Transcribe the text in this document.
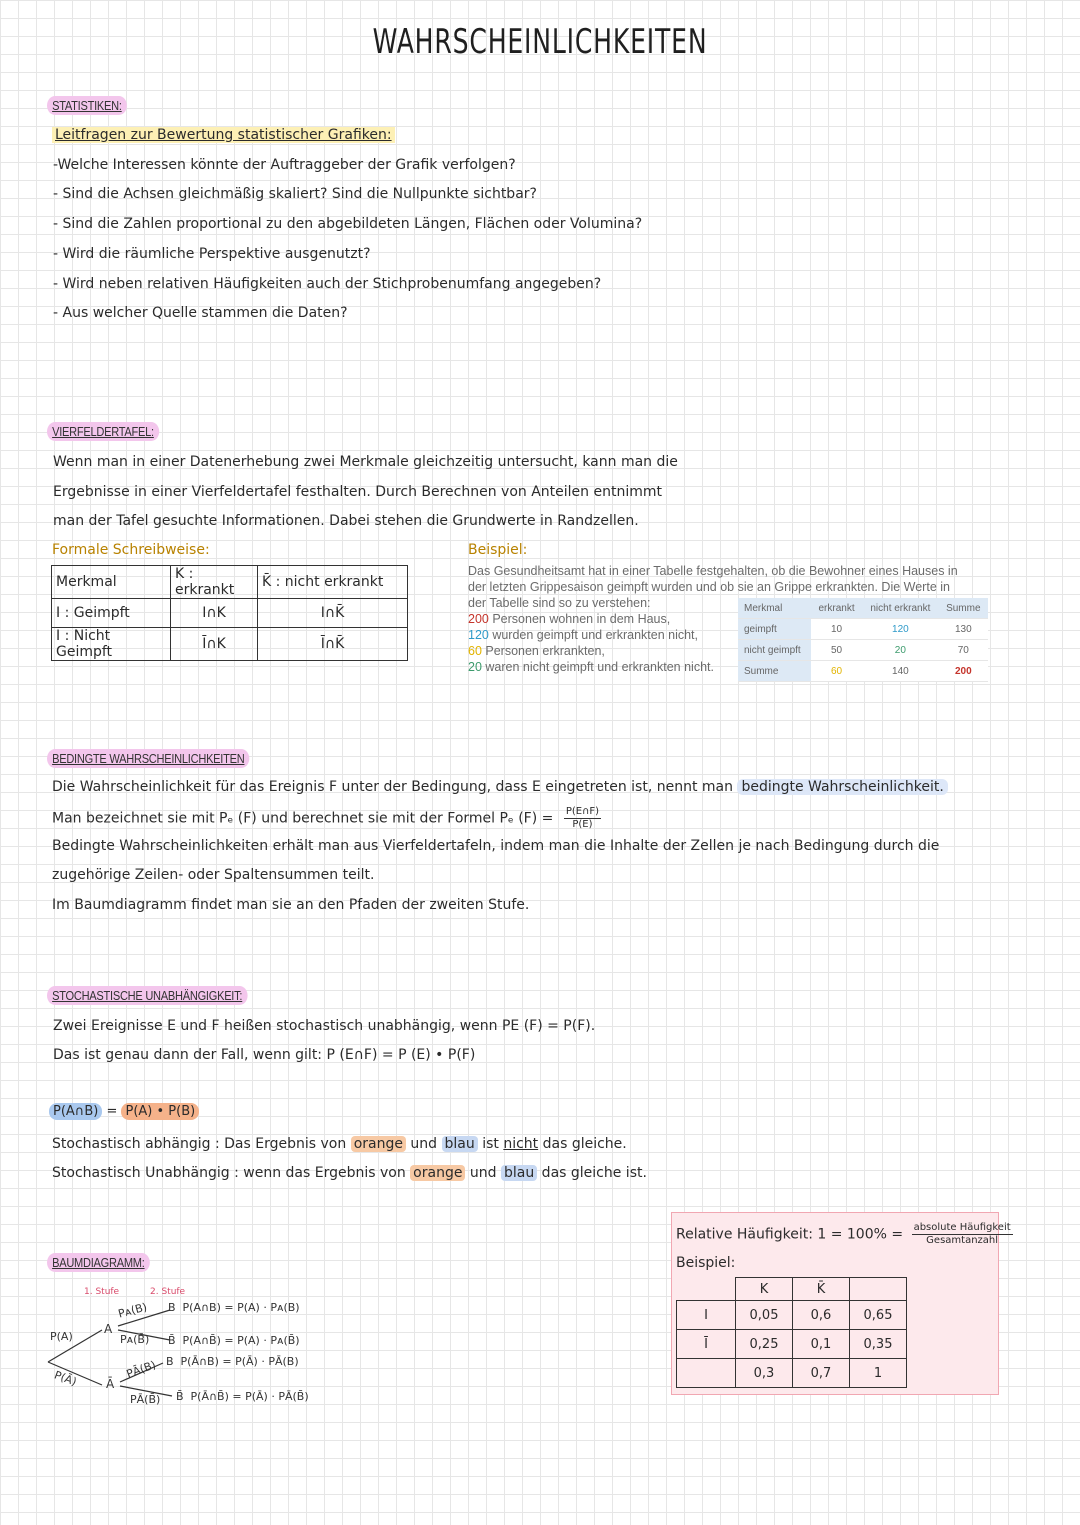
WAHRSCHEINLICHKEITEN
STATISTIKEN:
Leitfragen zur Bewertung statistischer Grafiken:
-Welche Interessen könnte der Auftraggeber der Grafik verfolgen?
- Sind die Achsen gleichmäßig skaliert? Sind die Nullpunkte sichtbar?
- Sind die Zahlen proportional zu den abgebildeten Längen, Flächen oder Volumina?
- Wird die räumliche Perspektive ausgenutzt?
- Wird neben relativen Häufigkeiten auch der Stichprobenumfang angegeben?
- Aus welcher Quelle stammen die Daten?
VIERFELDERTAFEL:
Wenn man in einer Datenerhebung zwei Merkmale gleichzeitig untersucht, kann man die
Ergebnisse in einer Vierfeldertafel festhalten. Durch Berechnen von Anteilen entnimmt
man der Tafel gesuchte Informationen. Dabei stehen die Grundwerte in Randzellen.
Formale Schreibweise:
Merkmal	K : erkrankt	K̄ : nicht erkrankt
I : Geimpft	I∩K	I∩K̄
Ī : Nicht Geimpft	Ī∩K	Ī∩K̄
Beispiel:
Das Gesundheitsamt hat in einer Tabelle festgehalten, ob die Bewohner eines Hauses in
der letzten Grippesaison geimpft wurden und ob sie an Grippe erkrankten. Die Werte in
der Tabelle sind so zu verstehen:
200 Personen wohnen in dem Haus,
120 wurden geimpft und erkrankten nicht,
60 Personen erkrankten,
20 waren nicht geimpft und erkrankten nicht.
Merkmal	erkrankt	nicht erkrankt	Summe
geimpft	10	120	130
nicht geimpft	50	20	70
Summe	60	140	200
BEDINGTE WAHRSCHEINLICHKEITEN
Die Wahrscheinlichkeit für das Ereignis F unter der Bedingung, dass E eingetreten ist, nennt man bedingte Wahrscheinlichkeit.
Man bezeichnet sie mit Pₑ (F) und berechnet sie mit der Formel Pₑ $(F) = \frac{P(E\cap F)}{P(E)}$
Bedingte Wahrscheinlichkeiten erhält man aus Vierfeldertafeln, indem man die Inhalte der Zellen je nach Bedingung durch die
zugehörige Zeilen- oder Spaltensummen teilt.
Im Baumdiagramm findet man sie an den Pfaden der zweiten Stufe.
STOCHASTISCHE UNABHÄNGIGKEIT:
Zwei Ereignisse E und F heißen stochastisch unabhängig, wenn PE (F) = P(F).
Das ist genau dann der Fall, wenn gilt: P (E∩F) = P (E) • P(F)
P(A∩B) = P(A) • P(B)
Stochastisch abhängig : Das Ergebnis von orange und blau ist nicht das gleiche.
Stochastisch Unabhängig : wenn das Ergebnis von orange und blau das gleiche ist.
BAUMDIAGRAMM:
1. Stufe	2. Stufe
P(A)
P(Ā)
A
Ā
Pᴀ(B)
Pᴀ(B̄)
PĀ(B)
PĀ(B̄)
B P(A∩B) = P(A) · Pᴀ(B)
B̄ P(A∩B̄) = P(A) · Pᴀ(B̄)
B P(Ā∩B) = P(Ā) · PĀ(B)
B̄ P(Ā∩B̄) = P(Ā) · PĀ(B̄)
Relative Häufigkeit: $1 = 100\% = \frac{\text{absolute Häufigkeit}}{\text{Gesamtanzahl}}$
Beispiel:
	K	K̄	
I	0,05	0,6	0,65
Ī	0,25	0,1	0,35
	0,3	0,7	1
